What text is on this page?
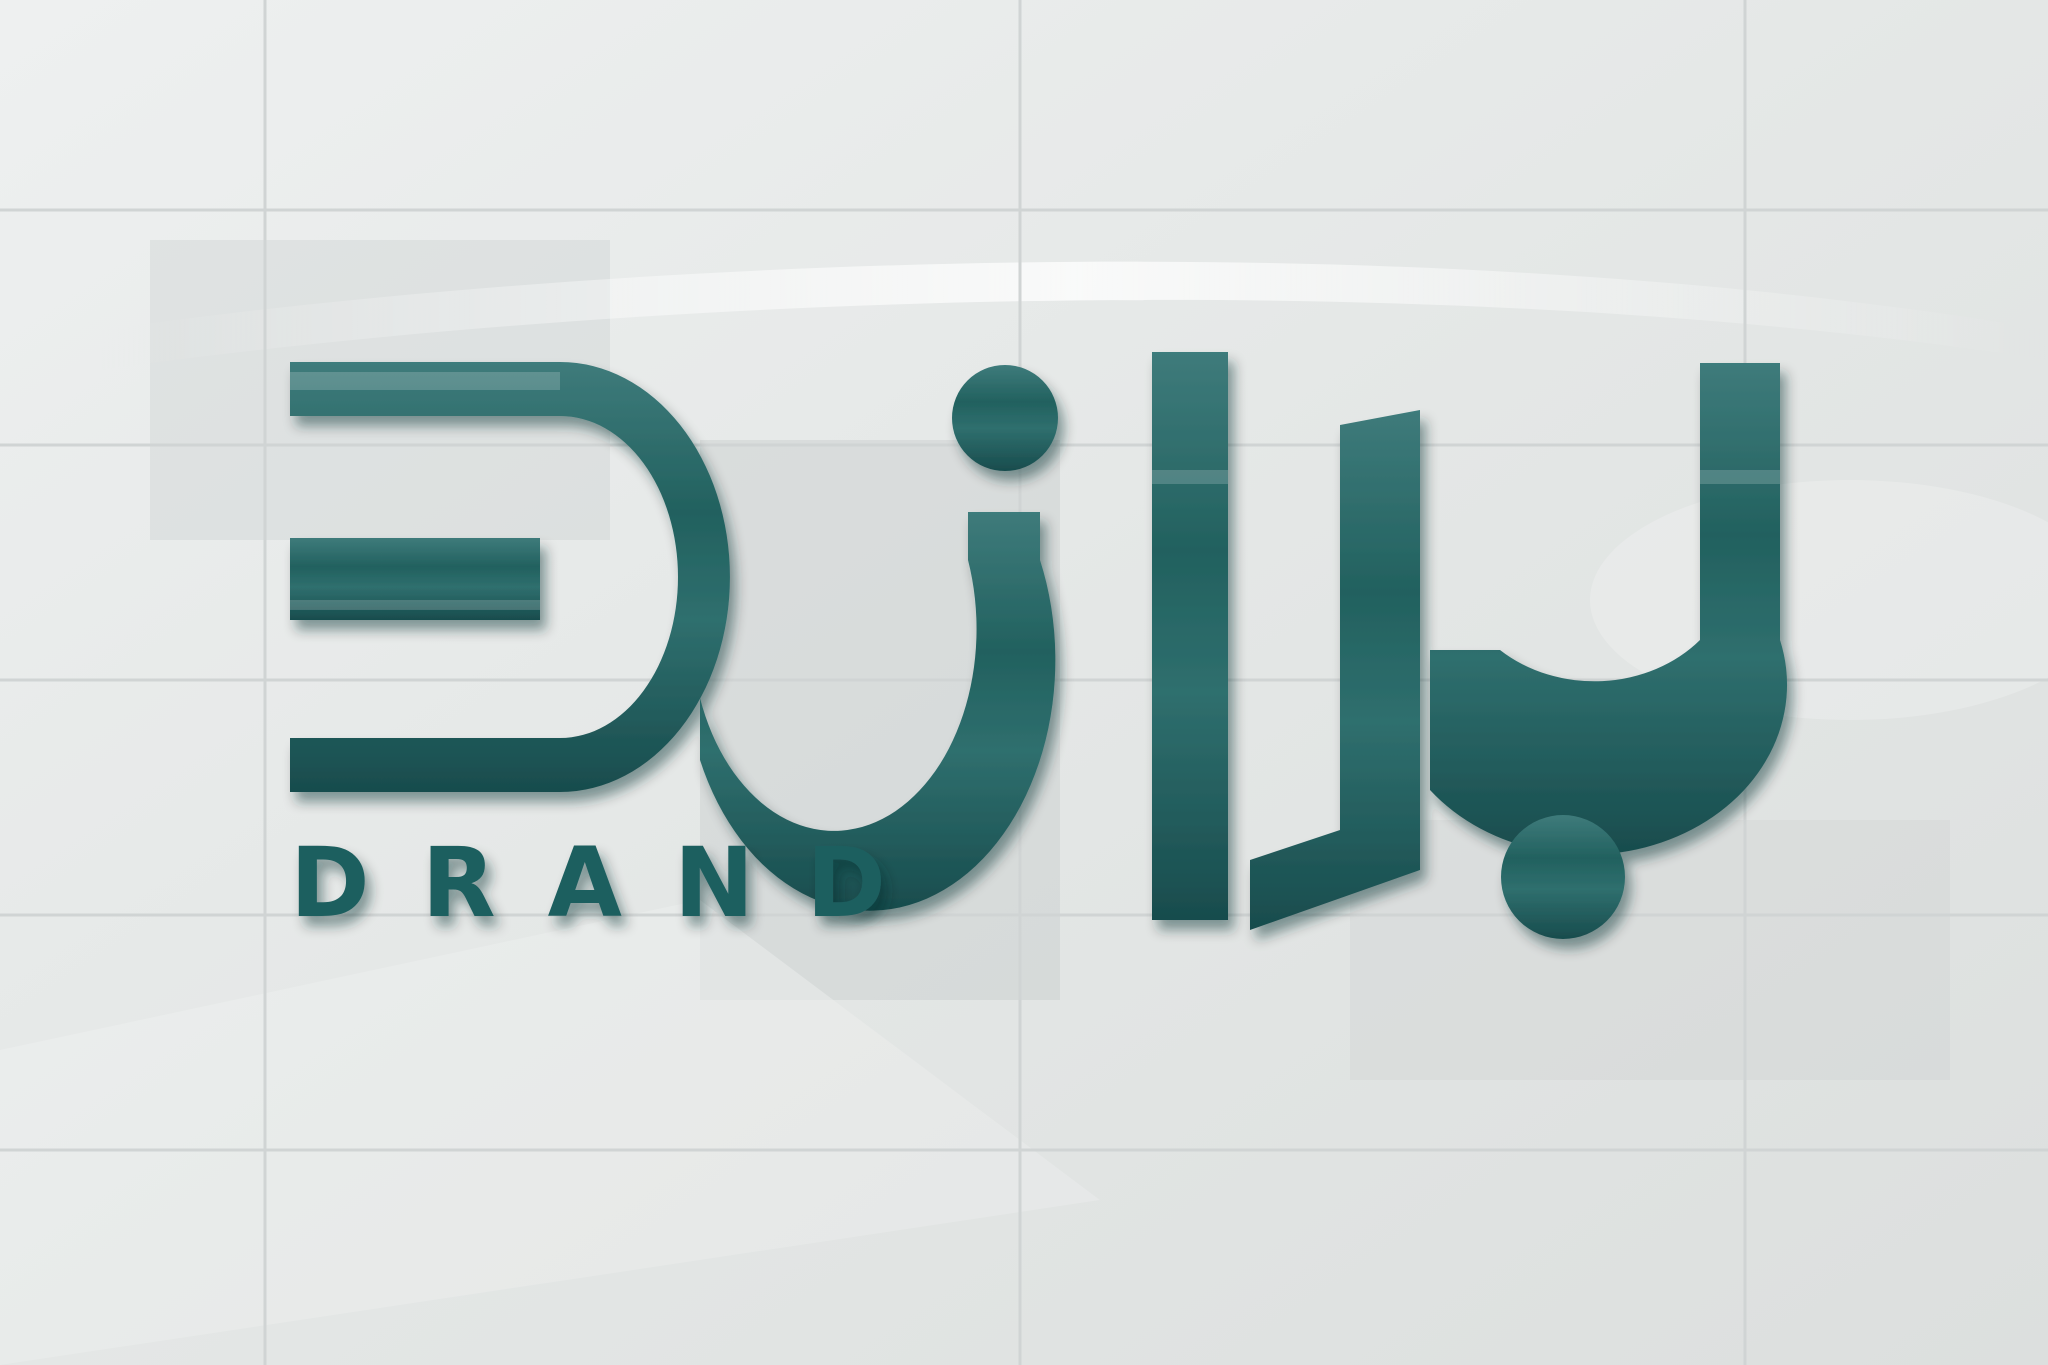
DRAND
